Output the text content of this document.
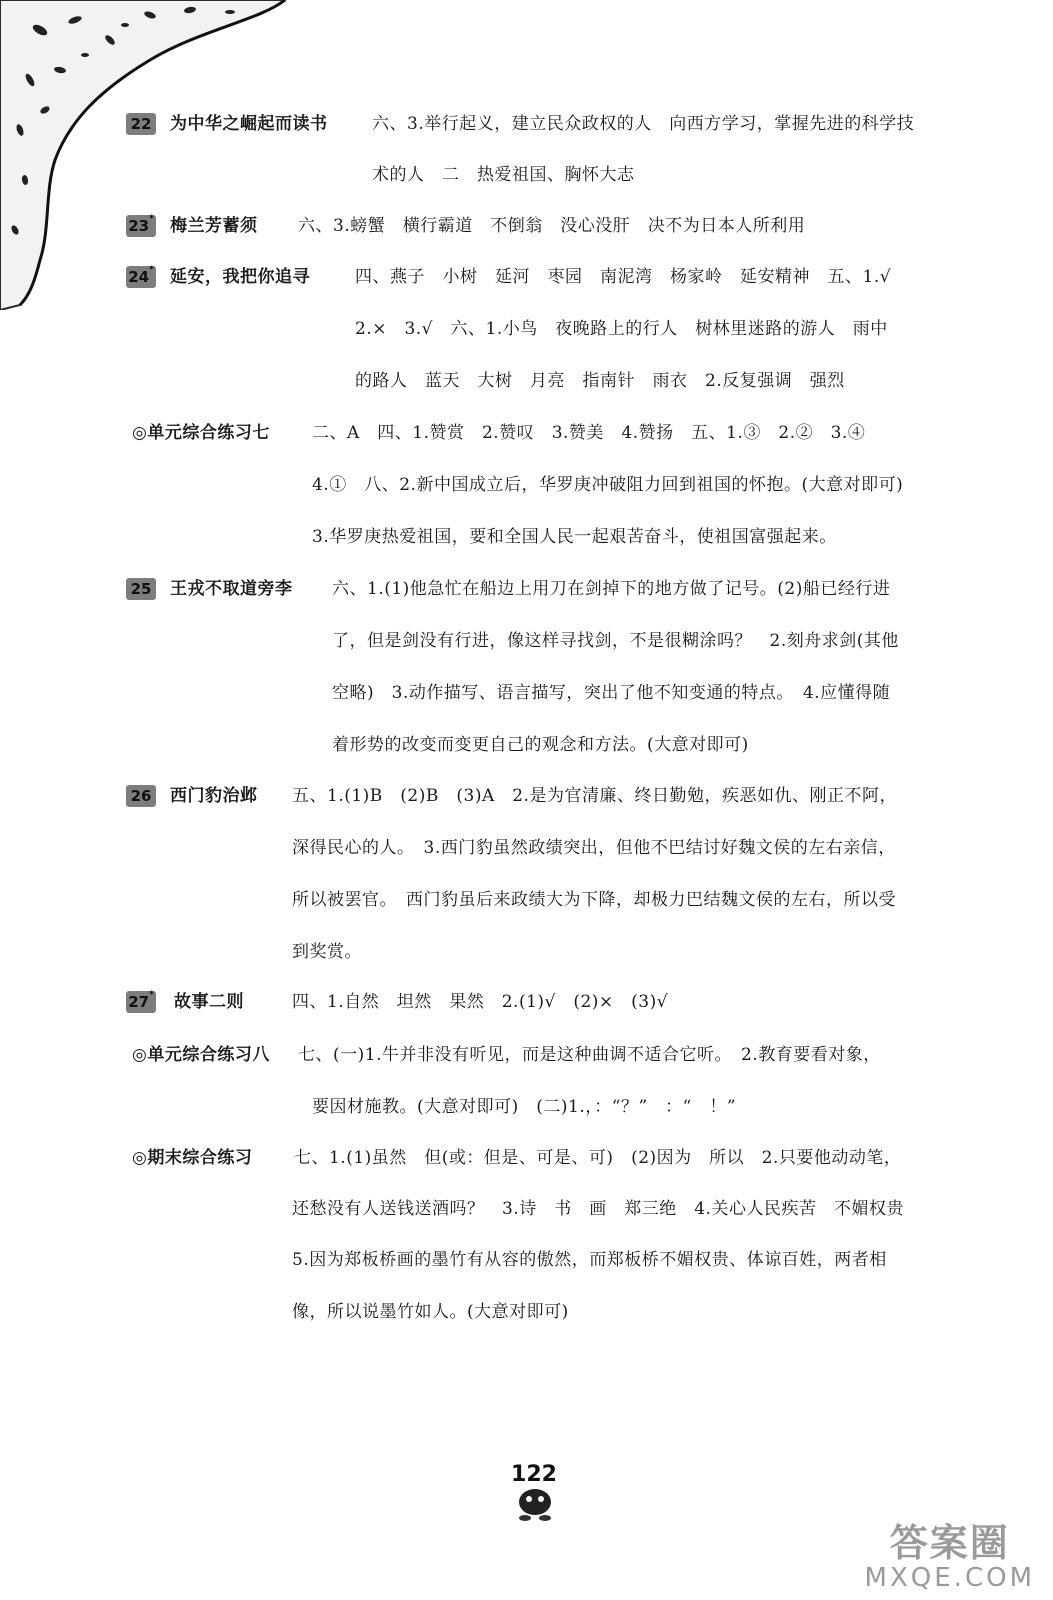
22 为中华之崛起而读书	六、3.举行起义，建立民众政权的人　向西方学习，掌握先进的科学技
术的人　二　热爱祖国、胸怀大志
23* 梅兰芳蓄须 六、3.螃蟹　横行霸道　不倒翁　没心没肝　决不为日本人所利用
24* 延安，我把你追寻	四、燕子　小树　延河　枣园　南泥湾　杨家岭　延安精神　五、1.√
2.×　3.√　六、1.小鸟　夜晚路上的行人　树林里迷路的游人　雨中
的路人　蓝天　大树　月亮　指南针　雨衣　2.反复强调　强烈
◎单元综合练习七 二、A　四、1.赞赏　2.赞叹　3.赞美　4.赞扬　五、1.③　2.②　3.④
4.①　八、2.新中国成立后，华罗庚冲破阻力回到祖国的怀抱。(大意对即可)
3.华罗庚热爱祖国，要和全国人民一起艰苦奋斗，使祖国富强起来。
25 王戎不取道旁李 六、1.(1)他急忙在船边上用刀在剑掉下的地方做了记号。(2)船已经行进
了，但是剑没有行进，像这样寻找剑，不是很糊涂吗？　2.刻舟求剑(其他
空略)　3.动作描写、语言描写，突出了他不知变通的特点。　4.应懂得随
着形势的改变而变更自己的观念和方法。(大意对即可)
26 西门豹治邺 五、1.(1)B　(2)B　(3)A　2.是为官清廉、终日勤勉，疾恶如仇、刚正不阿，
深得民心的人。　3.西门豹虽然政绩突出，但他不巴结讨好魏文侯的左右亲信，
所以被罢官。　西门豹虽后来政绩大为下降，却极力巴结魏文侯的左右，所以受
到奖赏。
27* 故事二则	四、1.自然　坦然　果然　2.(1)√　(2)×　(3)√
◎单元综合练习八 七、(一)1.牛并非没有听见，而是这种曲调不适合它听。　2.教育要看对象，
要因材施教。(大意对即可)　(二)1.，：“？”　：“　！”
◎期末综合练习 七、1.(1)虽然　但(或：但是、可是、可)　(2)因为　所以　2.只要他动动笔，
还愁没有人送钱送酒吗？　3.诗　书　画　郑三绝　4.关心人民疾苦　不媚权贵
5.因为郑板桥画的墨竹有从容的傲然，而郑板桥不媚权贵、体谅百姓，两者相
像，所以说墨竹如人。(大意对即可)
122
答案圈
MXQE.COM
